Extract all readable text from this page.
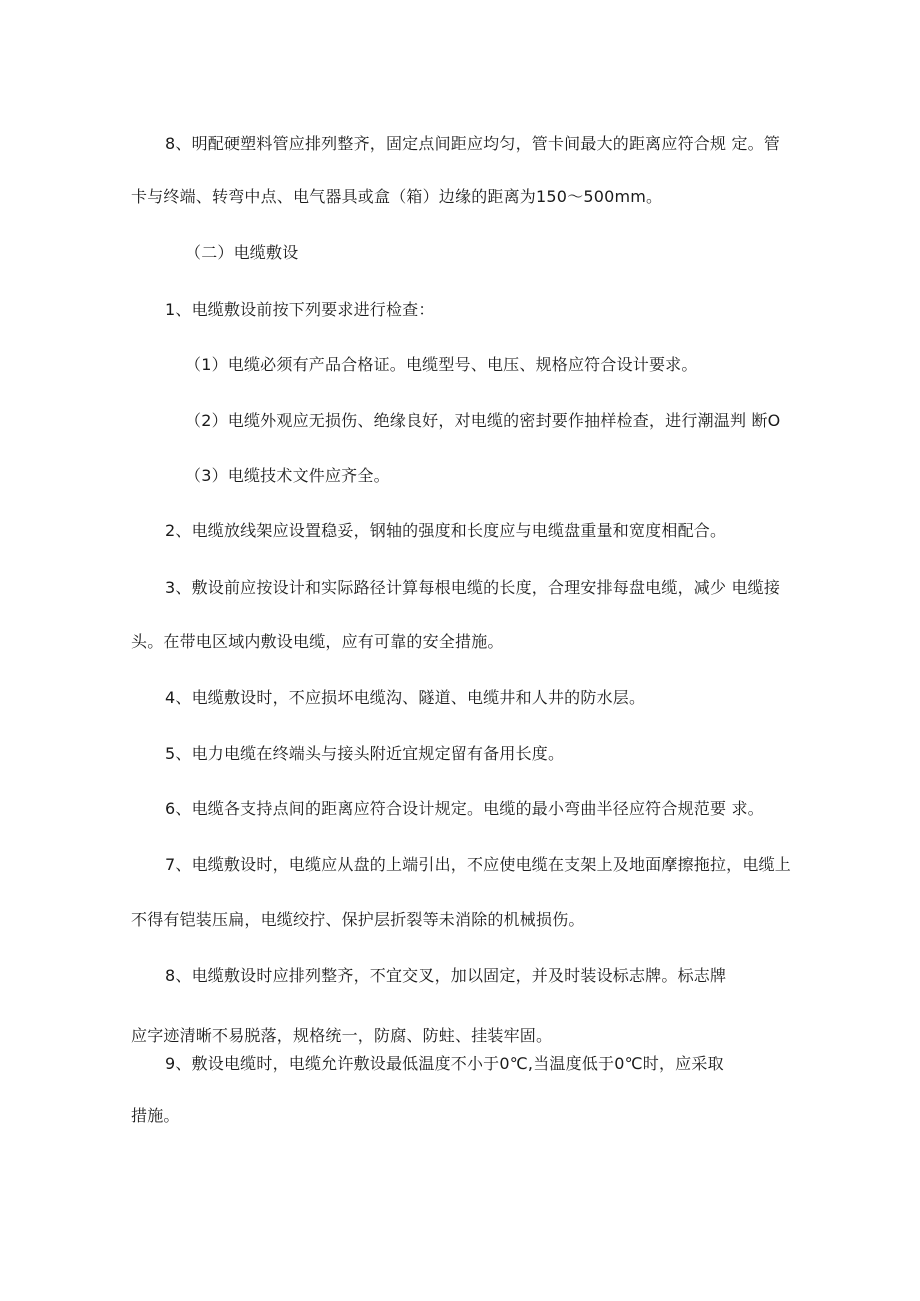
8、明配硬塑料管应排列整齐，固定点间距应均匀，管卡间最大的距离应符合规 定。管
卡与终端、转弯中点、电气器具或盒（箱）边缘的距离为150～500mm。
（二）电缆敷设
1、电缆敷设前按下列要求进行检查：
（1）电缆必须有产品合格证。电缆型号、电压、规格应符合设计要求。
（2）电缆外观应无损伤、绝缘良好，对电缆的密封要作抽样检查，进行潮温判 断O
（3）电缆技术文件应齐全。
2、电缆放线架应设置稳妥，钢轴的强度和长度应与电缆盘重量和宽度相配合。
3、敷设前应按设计和实际路径计算每根电缆的长度，合理安排每盘电缆，减少 电缆接
头。在带电区域内敷设电缆，应有可靠的安全措施。
4、电缆敷设时，不应损坏电缆沟、隧道、电缆井和人井的防水层。
5、电力电缆在终端头与接头附近宜规定留有备用长度。
6、电缆各支持点间的距离应符合设计规定。电缆的最小弯曲半径应符合规范要 求。
7、电缆敷设时，电缆应从盘的上端引出，不应使电缆在支架上及地面摩擦拖拉，电缆上
不得有铠装压扁，电缆绞拧、保护层折裂等未消除的机械损伤。
8、电缆敷设时应排列整齐，不宜交叉，加以固定，并及时装设标志牌。标志牌
应字迹清晰不易脱落，规格统一，防腐、防蛀、挂装牢固。
9、敷设电缆时，电缆允许敷设最低温度不小于0℃,当温度低于0℃时，应采取
措施。
